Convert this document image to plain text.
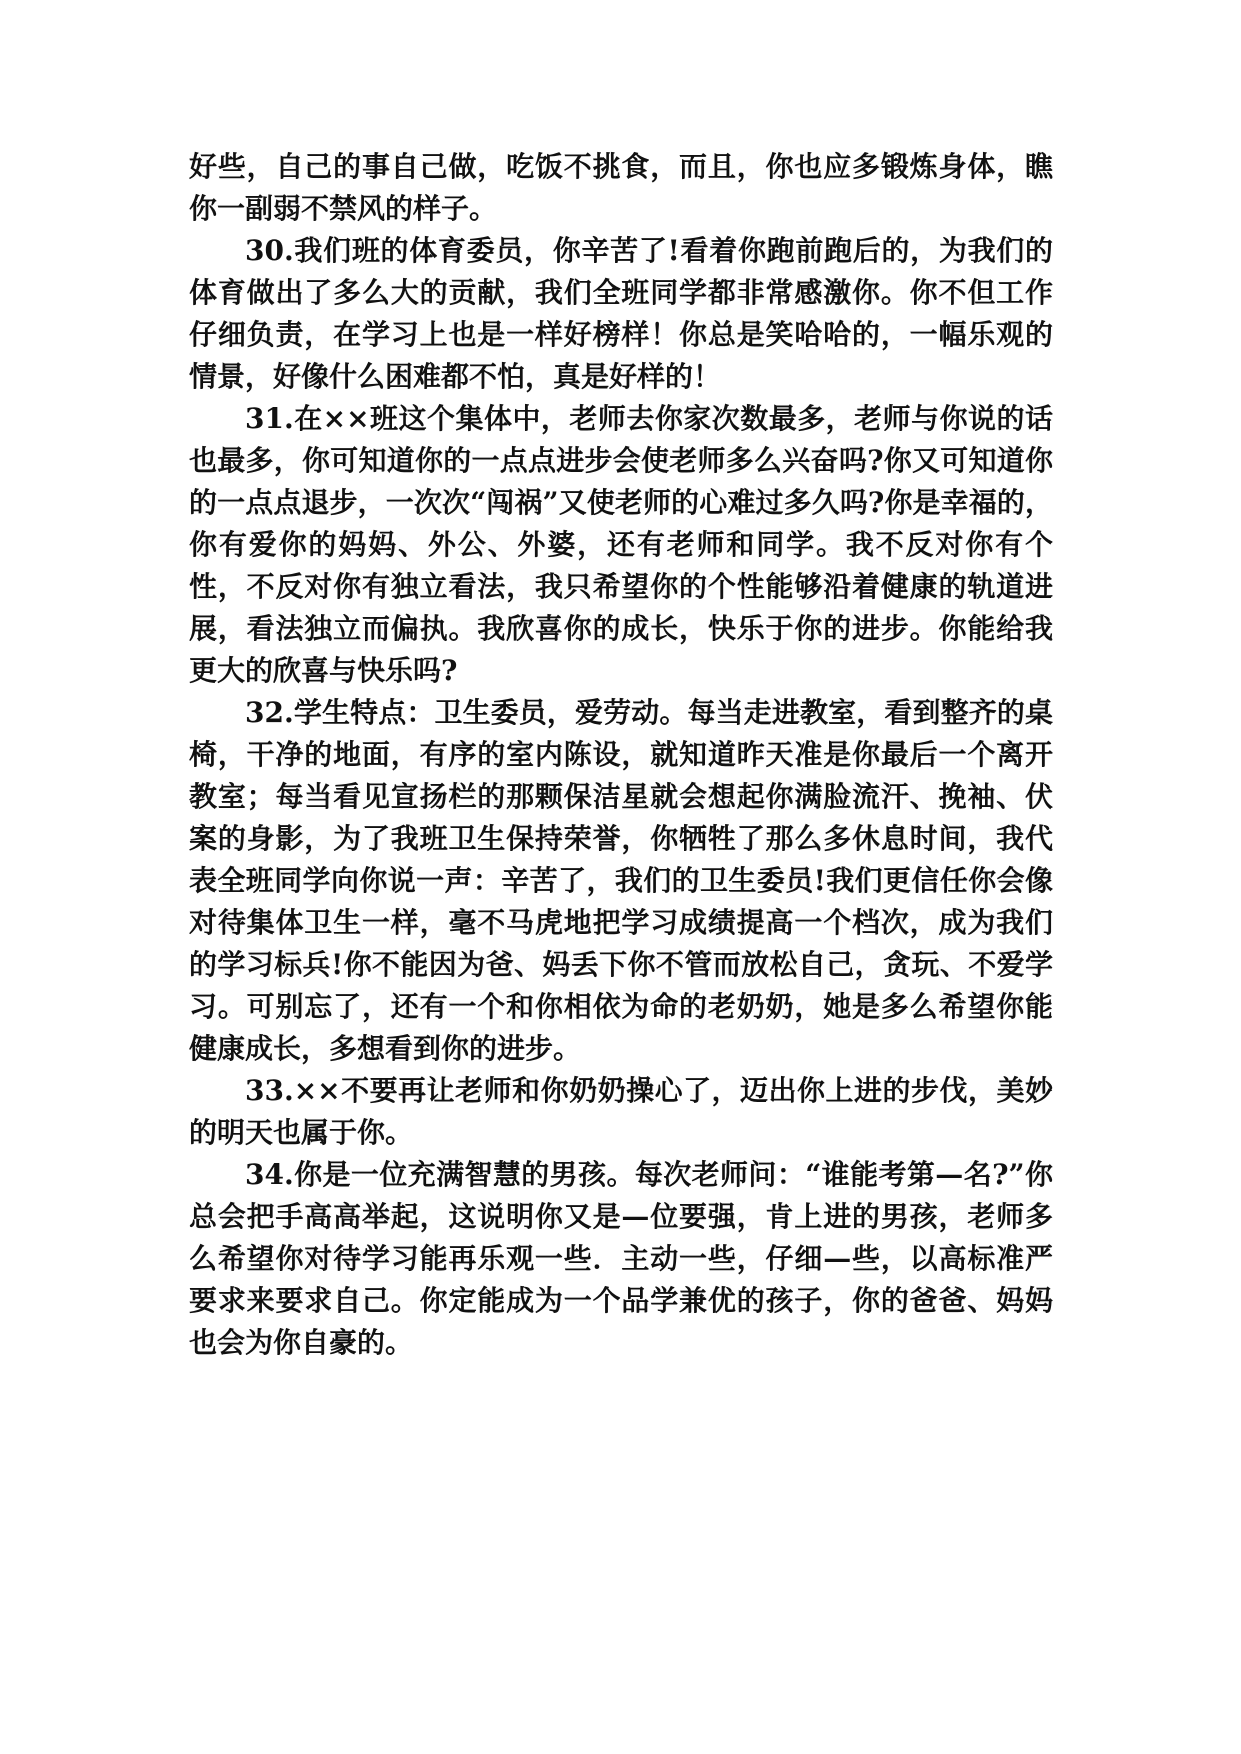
好些，自己的事自己做，吃饭不挑食，而且，你也应多锻炼身体，瞧你一副弱不禁风的样子。

30.我们班的体育委员，你辛苦了!看着你跑前跑后的，为我们的体育做出了多么大的贡献，我们全班同学都非常感激你。你不但工作仔细负责，在学习上也是一样好榜样！你总是笑哈哈的，一幅乐观的情景，好像什么困难都不怕，真是好样的！

31.在××班这个集体中，老师去你家次数最多，老师与你说的话也最多，你可知道你的一点点进步会使老师多么兴奋吗?你又可知道你的一点点退步，一次次“闯祸”又使老师的心难过多久吗?你是幸福的，你有爱你的妈妈、外公、外婆，还有老师和同学。我不反对你有个性，不反对你有独立看法，我只希望你的个性能够沿着健康的轨道进展，看法独立而偏执。我欣喜你的成长，快乐于你的进步。你能给我更大的欣喜与快乐吗?

32.学生特点：卫生委员，爱劳动。每当走进教室，看到整齐的桌椅，干净的地面，有序的室内陈设，就知道昨天准是你最后一个离开教室；每当看见宣扬栏的那颗保洁星就会想起你满脸流汗、挽袖、伏案的身影，为了我班卫生保持荣誉，你牺牲了那么多休息时间，我代表全班同学向你说一声：辛苦了，我们的卫生委员!我们更信任你会像对待集体卫生一样，毫不马虎地把学习成绩提高一个档次，成为我们的学习标兵!你不能因为爸、妈丢下你不管而放松自己，贪玩、不爱学习。可别忘了，还有一个和你相依为命的老奶奶，她是多么希望你能健康成长，多想看到你的进步。

33.××不要再让老师和你奶奶操心了，迈出你上进的步伐，美妙的明天也属于你。

34.你是一位充满智慧的男孩。每次老师问：“谁能考第—名?”你总会把手高高举起，这说明你又是—位要强，肯上进的男孩，老师多么希望你对待学习能再乐观一些．主动一些，仔细—些，以高标准严要求来要求自己。你定能成为一个品学兼优的孩子，你的爸爸、妈妈也会为你自豪的。
